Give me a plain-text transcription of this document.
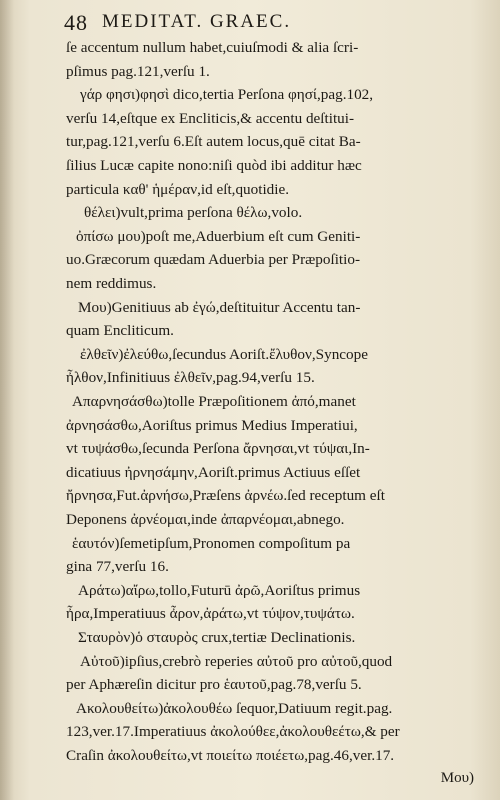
48 MEDITAT. GRAEC.
ſe accentum nullum habet,cuiuſmodi & alia ſcri-
pſimus pag.121,verſu 1.
γάρ φησι)φησὶ dico,tertia Perſona φησί,pag.102,
verſu 14,eſtque ex Encliticis,& accentu deſtitui-
tur,pag.121,verſu 6.Eſt autem locus,quē citat Ba-
ſilius Lucæ capite nono:niſi quòd ibi additur hæc
particula καθ' ἡμέραν,id eſt,quotidie.
θέλει)vult,prima perſona θέλω,volo.
ὀπίσω μου)poſt me,Aduerbium eſt cum Geniti-
uo.Græcorum quædam Aduerbia per Præpoſitio-
nem reddimus.
Μου)Genitiuus ab ἐγώ,deſtituitur Accentu tan-
quam Encliticum.
ἐλθεῖν)ἐλεύθω,ſecundus Aoriſt.ἔλυθον,Syncope
ἦλθον,Infinitiuus ἐλθεῖν,pag.94,verſu 15.
Απαρνησάσθω)tolle Præpoſitionem ἀπό,manet
ἀρνησάσθω,Aoriſtus primus Medius Imperatiui,
vt τυψάσθω,ſecunda Perſona ἄρνησαι,vt τύψαι,In-
dicatiuus ἠρνησάμην,Aoriſt.primus Actiuus eſſet
ἤρνησα,Fut.ἀρνήσω,Præſens ἀρνέω.ſed receptum eſt
Deponens ἀρνέομαι,inde ἀπαρνέομαι,abnego.
ἑαυτόν)ſemetipſum,Pronomen compoſitum pa
gina 77,verſu 16.
Αράτω)αἴρω,tollo,Futurū ἀρῶ,Aoriſtus primus
ἦρα,Imperatiuus ἆρον,ἀράτω,vt τύψον,τυψάτω.
Σταυρὸν)ὁ σταυρὸς crux,tertiæ Declinationis.
Αὐτοῦ)ipſius,crebrò reperies αὐτοῦ pro αὐτοῦ,quod
per Aphæreſin dicitur pro ἑαυτοῦ,pag.78,verſu 5.
Ακολουθείτω)ἀκολουθέω ſequor,Datiuum regit.pag.
123,ver.17.Imperatiuus ἀκολούθεε,ἀκολουθεέτω,& per
Craſin ἀκολουθείτω,vt ποιείτω ποιέετω,pag.46,ver.17.
Μου)
